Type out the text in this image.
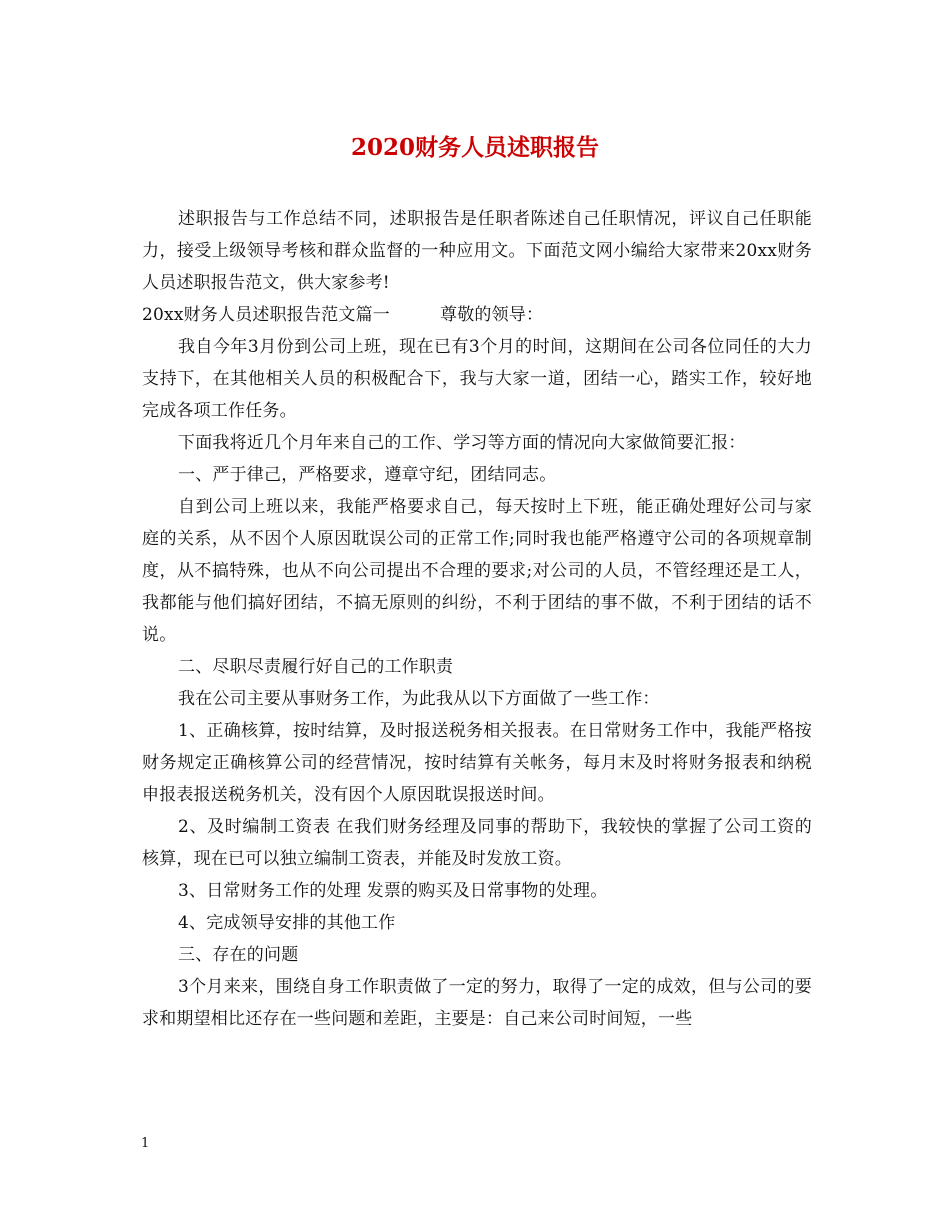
2020财务人员述职报告

述职报告与工作总结不同，述职报告是任职者陈述自己任职情况，评议自己任职能力，接受上级领导考核和群众监督的一种应用文。下面范文网小编给大家带来20xx财务人员述职报告范文，供大家参考!

20xx财务人员述职报告范文篇一	尊敬的领导：

我自今年3月份到公司上班，现在已有3个月的时间，这期间在公司各位同任的大力支持下，在其他相关人员的积极配合下，我与大家一道，团结一心，踏实工作，较好地完成各项工作任务。

下面我将近几个月年来自己的工作、学习等方面的情况向大家做简要汇报：

一、严于律己，严格要求，遵章守纪，团结同志。

自到公司上班以来，我能严格要求自己，每天按时上下班，能正确处理好公司与家庭的关系，从不因个人原因耽误公司的正常工作;同时我也能严格遵守公司的各项规章制度，从不搞特殊，也从不向公司提出不合理的要求;对公司的人员，不管经理还是工人，我都能与他们搞好团结，不搞无原则的纠纷，不利于团结的事不做，不利于团结的话不说。

二、尽职尽责履行好自己的工作职责

我在公司主要从事财务工作，为此我从以下方面做了一些工作：

1、正确核算，按时结算，及时报送税务相关报表。在日常财务工作中，我能严格按财务规定正确核算公司的经营情况，按时结算有关帐务，每月末及时将财务报表和纳税申报表报送税务机关，没有因个人原因耽误报送时间。

2、及时编制工资表 在我们财务经理及同事的帮助下，我较快的掌握了公司工资的核算，现在已可以独立编制工资表，并能及时发放工资。

3、日常财务工作的处理 发票的购买及日常事物的处理。

4、完成领导安排的其他工作

三、存在的问题

3个月来来，围绕自身工作职责做了一定的努力，取得了一定的成效，但与公司的要求和期望相比还存在一些问题和差距，主要是：自己来公司时间短，一些

1
